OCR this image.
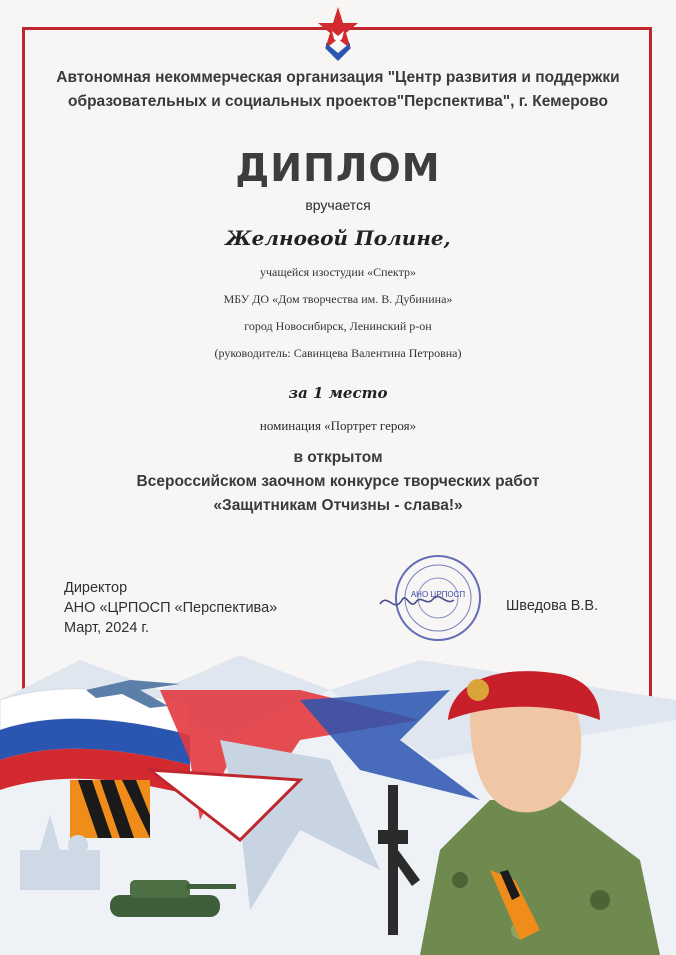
Автономная некоммерческая организация "Центр развития и поддержки
образовательных и социальных проектов"Перспектива", г. Кемерово
ДИПЛОМ
вручается
Желновой Полине,
учащейся изостудии «Спектр»
МБУ ДО «Дом творчества им. В. Дубинина»
город Новосибирск, Ленинский р-он
(руководитель: Савинцева Валентина Петровна)
за 1 место
номинация «Портрет героя»
в открытом
Всероссийском заочном конкурсе творческих работ
«Защитникам Отчизны - слава!»
Директор
АНО «ЦРПОСП «Перспектива»
Март, 2024 г.
Шведова В.В.
АНО ЦРПОСП
